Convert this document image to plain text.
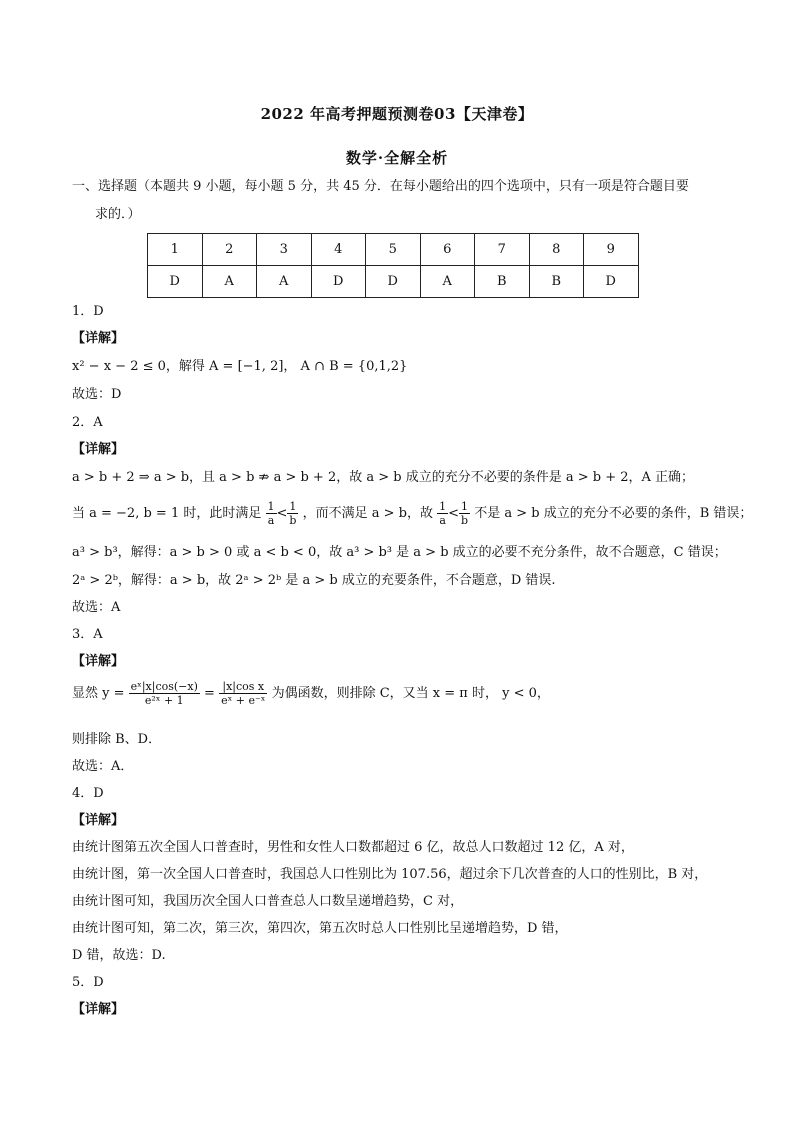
2022 年高考押题预测卷03【天津卷】
数学·全解全析
一、选择题（本题共 9 小题，每小题 5 分，共 45 分．在每小题给出的四个选项中，只有一项是符合题目要
求的．）
1	2	3	4	5	6	7	8	9
D	A	A	D	D	A	B	B	D
1．D
【详解】
x² − x − 2 ≤ 0，解得 A = [−1, 2]， A ∩ B = {0,1,2}
故选：D
2．A
【详解】
a > b + 2 ⇒ a > b，且 a > b ⇏ a > b + 2，故 a > b 成立的充分不必要的条件是 a > b + 2，A 正确；
当 a = −2, b = 1 时，此时满足 $\frac{1}{a} < \frac{1}{b}$ ，而不满足 a > b，故 $\frac{1}{a} < \frac{1}{b}$ 不是 a > b 成立的充分不必要的条件，B 错误；
a³ > b³，解得：a > b > 0 或 a < b < 0，故 a³ > b³ 是 a > b 成立的必要不充分条件，故不合题意，C 错误；
2ᵃ > 2ᵇ，解得：a > b，故 2ᵃ > 2ᵇ 是 a > b 成立的充要条件，不合题意，D 错误.
故选：A
3．A
【详解】
显然 $y = \frac{\text{eˣ|x|cos(−x)}}{\text{e²ˣ + 1}} = \frac{\text{|x|cos x}}{\text{eˣ + e⁻ˣ}}$ 为偶函数，则排除 C，又当 x = π 时， y < 0，
则排除 B、D．
故选：A．
4．D
【详解】
由统计图第五次全国人口普查时，男性和女性人口数都超过 6 亿，故总人口数超过 12 亿，A 对，
由统计图，第一次全国人口普查时，我国总人口性别比为 107.56，超过余下几次普查的人口的性别比，B 对，
由统计图可知，我国历次全国人口普查总人口数呈递增趋势，C 对，
由统计图可知，第二次，第三次，第四次，第五次时总人口性别比呈递增趋势，D 错，
D 错，故选：D.
5．D
【详解】
